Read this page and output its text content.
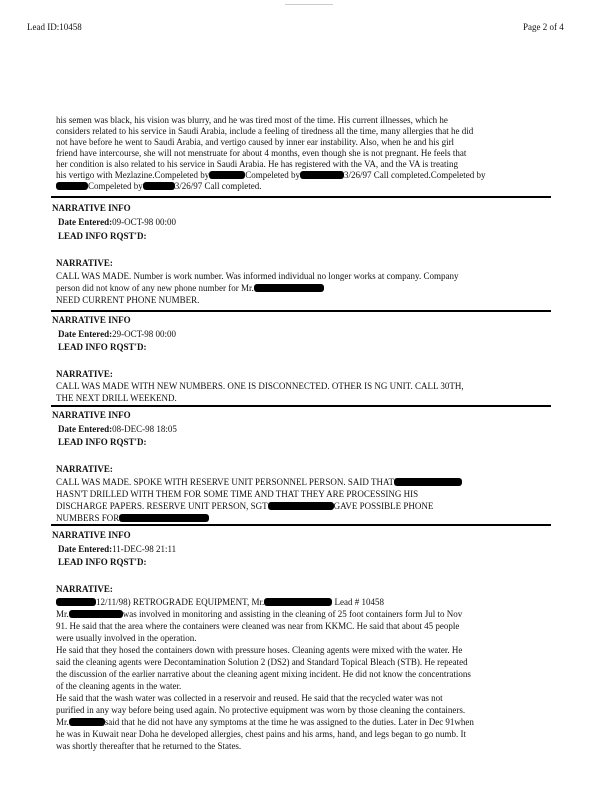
Lead ID:10458	Page 2 of 4
his semen was black, his vision was blurry, and he was tired most of the time. His current illnesses, which he
considers related to his service in Saudi Arabia, include a feeling of tiredness all the time, many allergies that he did
not have before he went to Saudi Arabia, and vertigo caused by inner ear instability. Also, when he and his girl
friend have intercourse, she will not menstruate for about 4 months, even though she is not pregnant. He feels that
her condition is also related to his service in Saudi Arabia. He has registered with the VA, and the VA is treating
his vertigo with Mezlazine.Compeleted by	Compeleted by	3/26/97 Call completed.Compeleted by
Compeleted by	3/26/97 Call completed.
NARRATIVE INFO
Date Entered:09-OCT-98 00:00
LEAD INFO RQST'D:
NARRATIVE:
CALL WAS MADE. Number is work number. Was informed individual no longer works at company. Company
person did not know of any new phone number for Mr.
NEED CURRENT PHONE NUMBER.
NARRATIVE INFO
Date Entered:29-OCT-98 00:00
LEAD INFO RQST'D:
NARRATIVE:
CALL WAS MADE WITH NEW NUMBERS. ONE IS DISCONNECTED. OTHER IS NG UNIT. CALL 30TH,
THE NEXT DRILL WEEKEND.
NARRATIVE INFO
Date Entered:08-DEC-98 18:05
LEAD INFO RQST'D:
NARRATIVE:
CALL WAS MADE. SPOKE WITH RESERVE UNIT PERSONNEL PERSON. SAID THAT
HASN'T DRILLED WITH THEM FOR SOME TIME AND THAT THEY ARE PROCESSING HIS
DISCHARGE PAPERS. RESERVE UNIT PERSON, SGT	GAVE POSSIBLE PHONE
NUMBERS FOR
NARRATIVE INFO
Date Entered:11-DEC-98 21:11
LEAD INFO RQST'D:
NARRATIVE:
12/11/98) RETROGRADE EQUIPMENT, Mr.	Lead # 10458
Mr.	was involved in monitoring and assisting in the cleaning of 25 foot containers form Jul to Nov
91. He said that the area where the containers were cleaned was near from KKMC. He said that about 45 people
were usually involved in the operation.
He said that they hosed the containers down with pressure hoses. Cleaning agents were mixed with the water. He
said the cleaning agents were Decontamination Solution 2 (DS2) and Standard Topical Bleach (STB). He repeated
the discussion of the earlier narrative about the cleaning agent mixing incident. He did not know the concentrations
of the cleaning agents in the water.
He said that the wash water was collected in a reservoir and reused. He said that the recycled water was not
purified in any way before being used again. No protective equipment was worn by those cleaning the containers.
Mr.	said that he did not have any symptoms at the time he was assigned to the duties. Later in Dec 91when
he was in Kuwait near Doha he developed allergies, chest pains and his arms, hand, and legs began to go numb. It
was shortly thereafter that he returned to the States.
